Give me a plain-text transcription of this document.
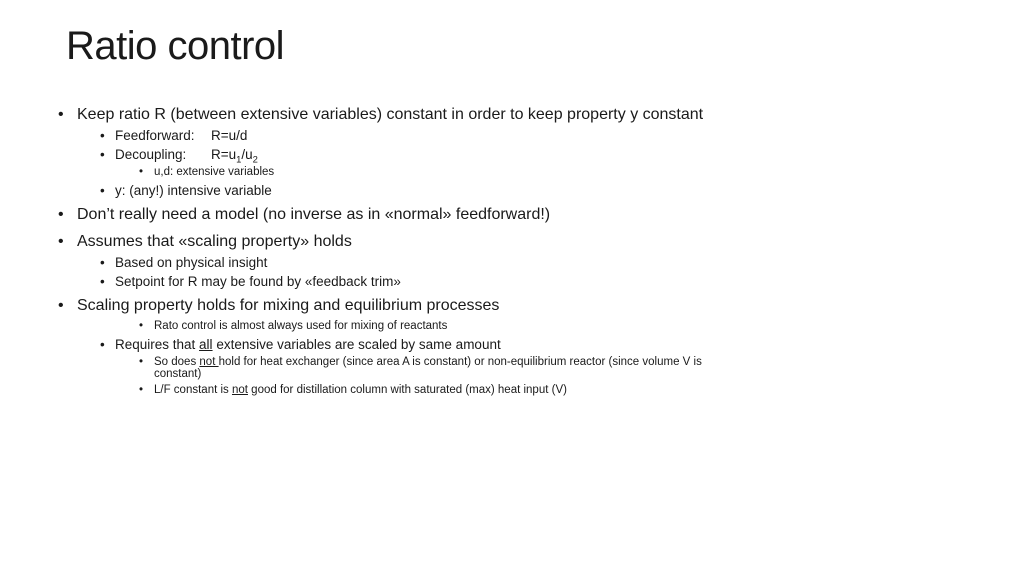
Ratio control
• Keep ratio R (between extensive variables) constant in order to keep property y constant
• Feedforward: R=u/d
• Decoupling: $R=u_1/u_2$
• u,d: extensive variables
• y: (any!) intensive variable
• Don’t really need a model (no inverse as in «normal» feedforward!)
• Assumes that «scaling property» holds
• Based on physical insight
• Setpoint for R may be found by «feedback trim»
• Scaling property holds for mixing and equilibrium processes
• Rato control is almost always used for mixing of reactants
• Requires that all extensive variables are scaled by same amount
• So does not hold for heat exchanger (since area A is constant) or non-equilibrium reactor (since volume V is
constant)
• L/F constant is not good for distillation column with saturated (max) heat input (V)
